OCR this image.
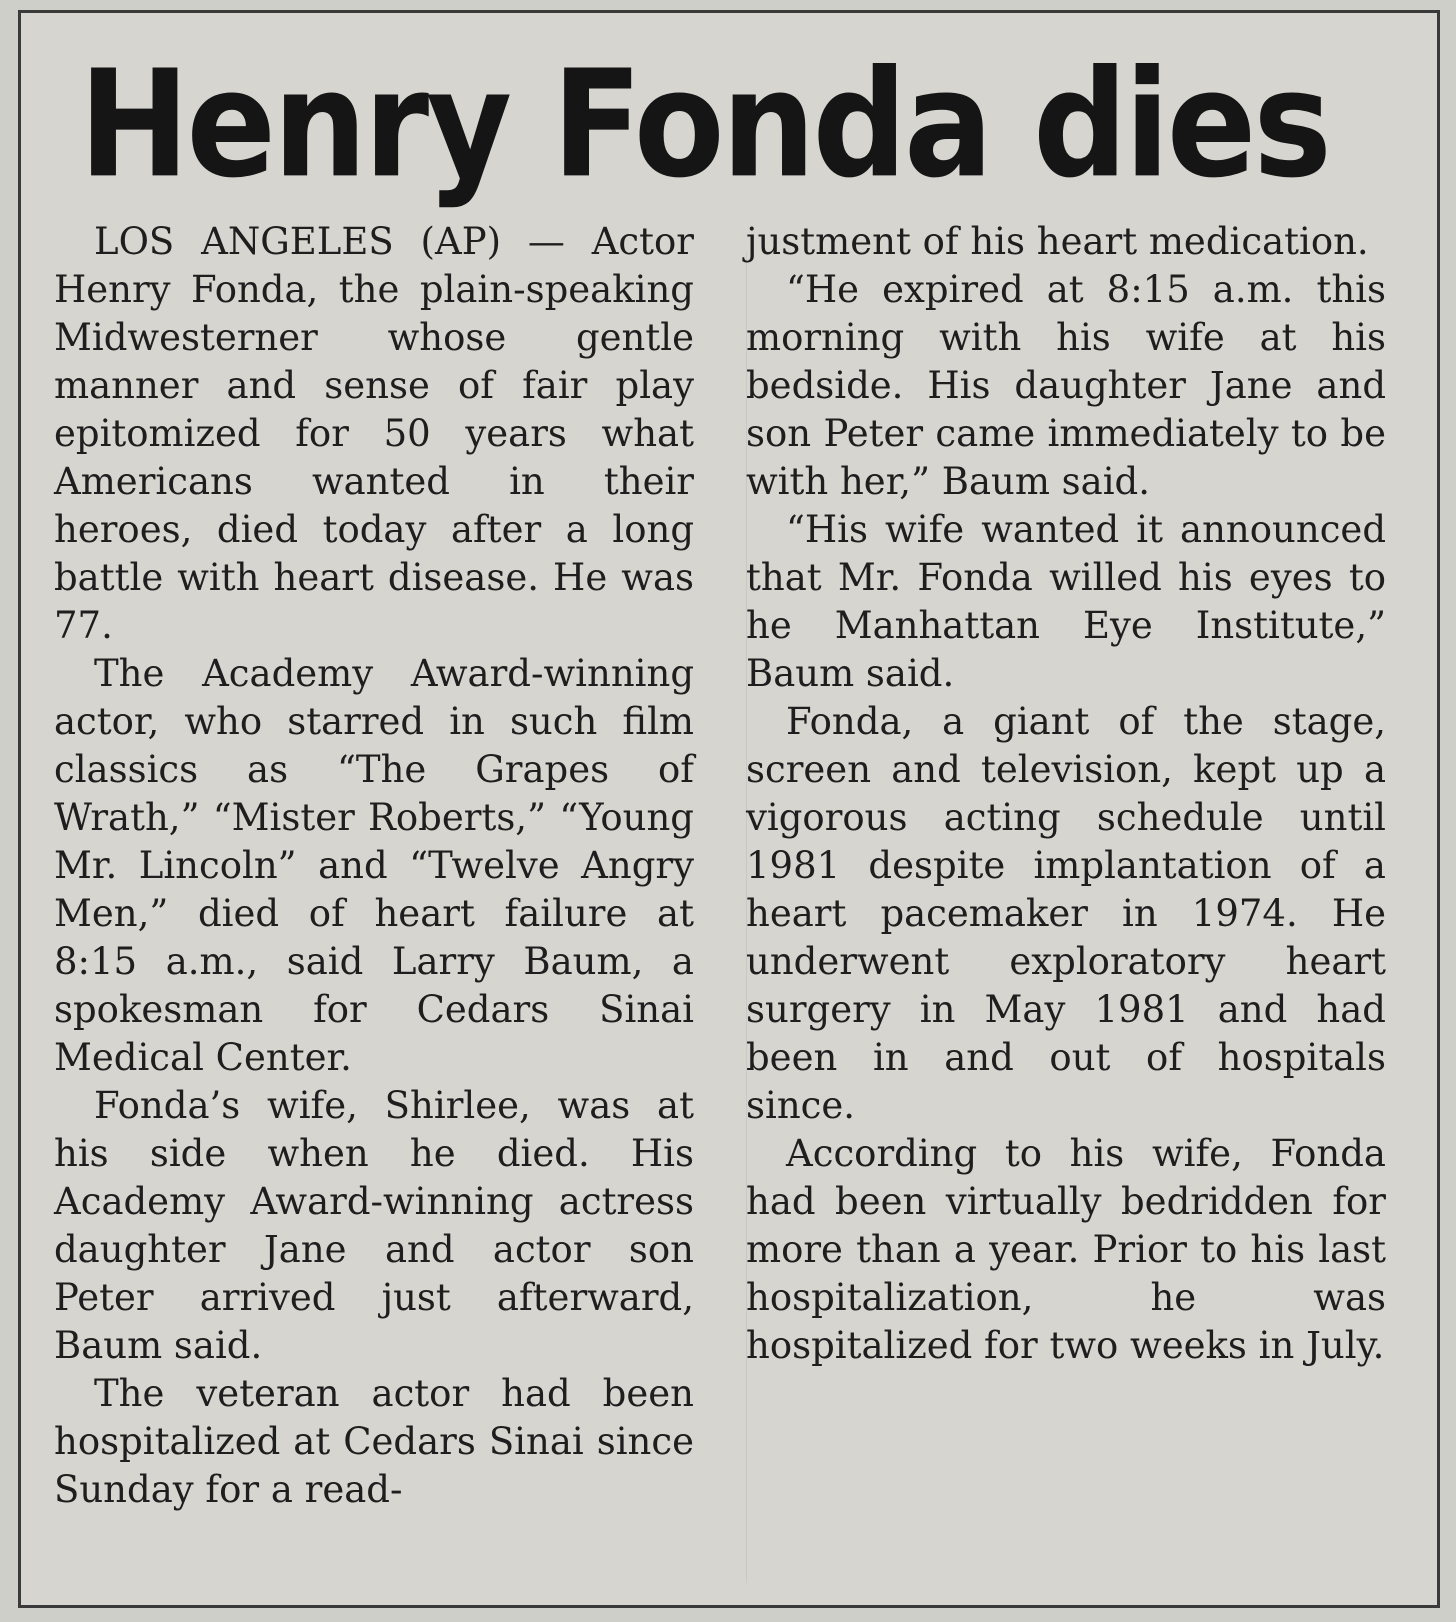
Henry Fonda dies

LOS ANGELES (AP) — Actor Henry Fonda, the plain-speaking Midwesterner whose gentle manner and sense of fair play epitomized for 50 years what Americans wanted in their heroes, died today after a long battle with heart disease. He was 77.

The Academy Award-winning actor, who starred in such film classics as “The Grapes of Wrath,” “Mister Roberts,” “Young Mr. Lincoln” and “Twelve Angry Men,” died of heart failure at 8:15 a.m., said Larry Baum, a spokesman for Cedars Sinai Medical Center.

Fonda’s wife, Shirlee, was at his side when he died. His Academy Award-winning actress daughter Jane and actor son Peter arrived just afterward, Baum said.

The veteran actor had been hospitalized at Cedars Sinai since Sunday for a read-

justment of his heart medication.

“He expired at 8:15 a.m. this morning with his wife at his bedside. His daughter Jane and son Peter came immediately to be with her,” Baum said.

“His wife wanted it announced that Mr. Fonda willed his eyes to he Manhattan Eye Institute,” Baum said.

Fonda, a giant of the stage, screen and television, kept up a vigorous acting schedule until 1981 despite implantation of a heart pacemaker in 1974. He underwent exploratory heart surgery in May 1981 and had been in and out of hospitals since.

According to his wife, Fonda had been virtually bedridden for more than a year. Prior to his last hospitalization, he was hospitalized for two weeks in July.
